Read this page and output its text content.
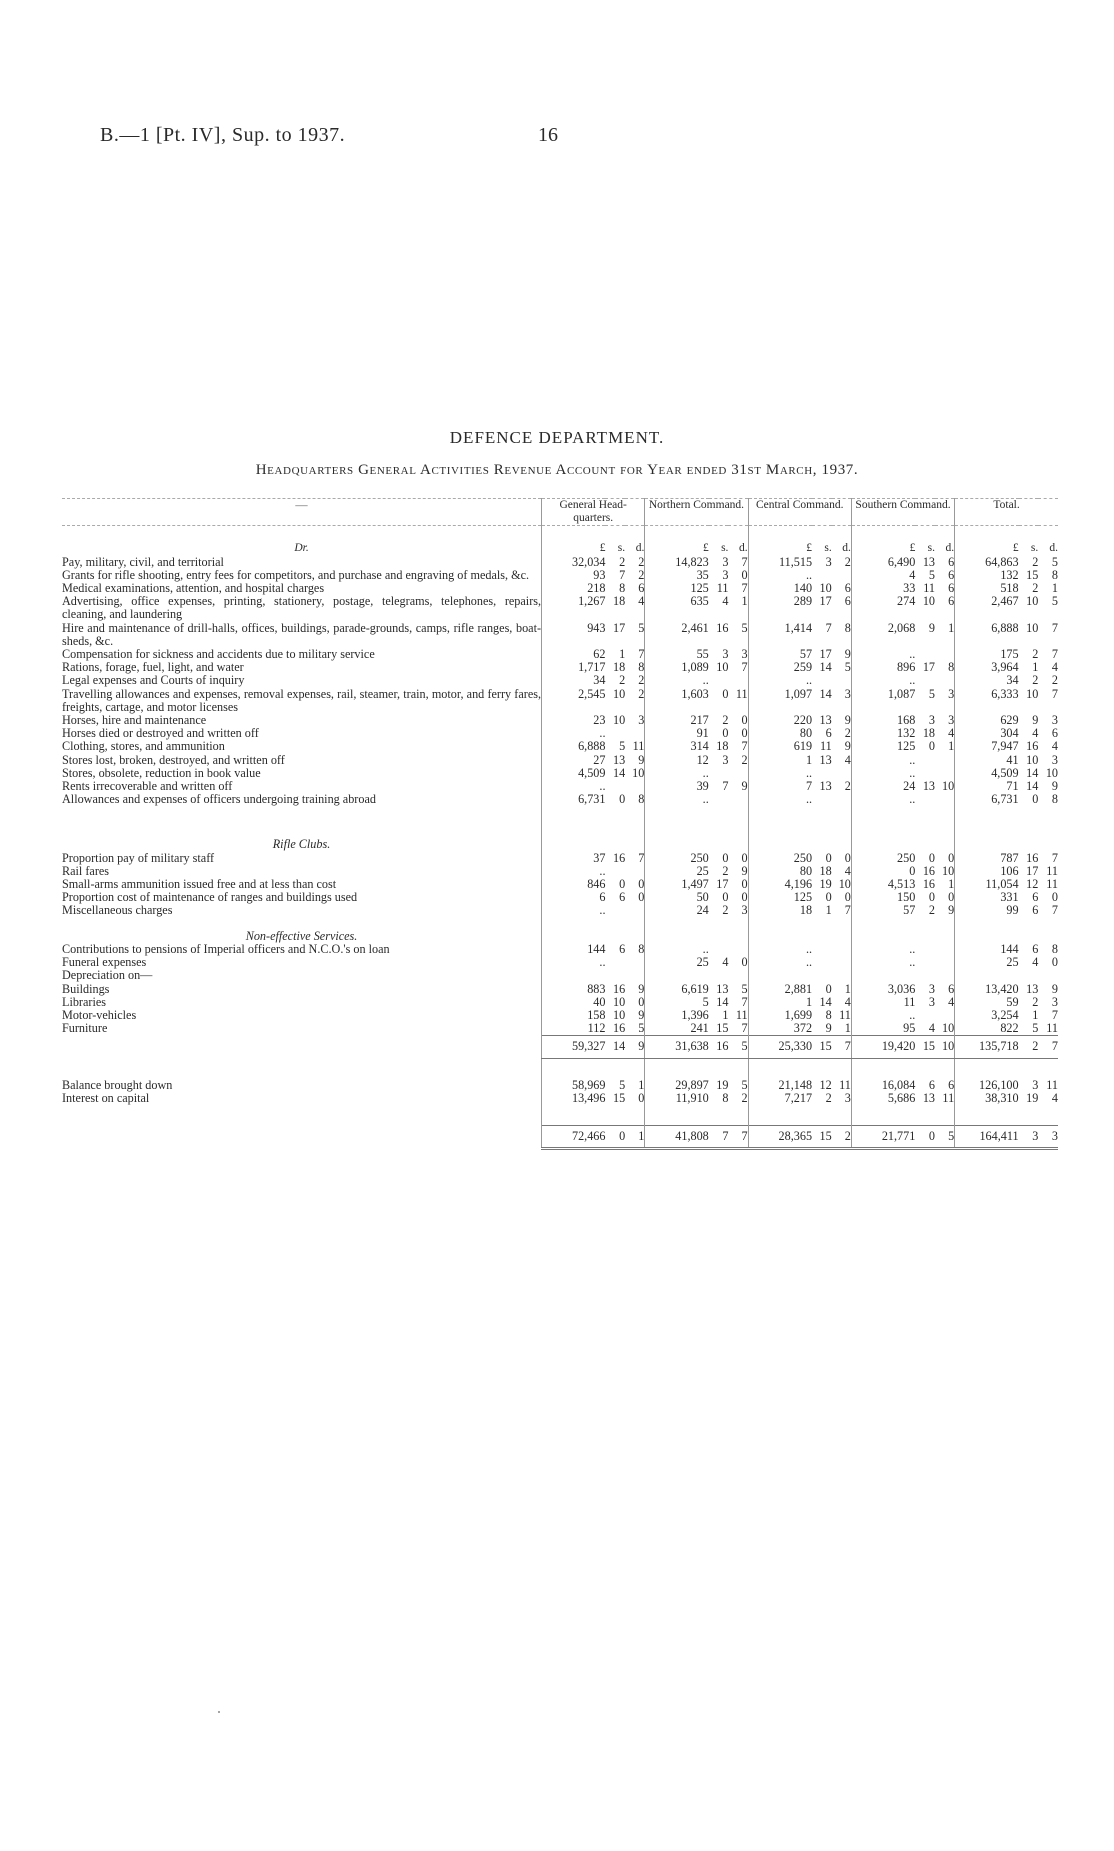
B.—1 [Pt. IV], Sup. to 1937.	16
DEFENCE DEPARTMENT.
Headquarters General Activities Revenue Account for Year ended 31st March, 1937.
—	General Head-quarters.			Northern Command.			Central Command.			Southern Command.			Total.		
Dr.	£	s.	d.	£	s.	d.	£	s.	d.	£	s.	d.	£	s.	d.
Pay, military, civil, and territorial	32,034	2	2	14,823	3	7	11,515	3	2	6,490	13	6	64,863	2	5
Grants for rifle shooting, entry fees for competitors, and purchase and engraving of medals, &c.	93	7	2	35	3	0	..			4	5	6	132	15	8
Medical examinations, attention, and hospital charges	218	8	6	125	11	7	140	10	6	33	11	6	518	2	1
Advertising, office expenses, printing, stationery, postage, telegrams, telephones, repairs, cleaning, and laundering	1,267	18	4	635	4	1	289	17	6	274	10	6	2,467	10	5
Hire and maintenance of drill-halls, offices, buildings, parade-grounds, camps, rifle ranges, boat-sheds, &c.	943	17	5	2,461	16	5	1,414	7	8	2,068	9	1	6,888	10	7
Compensation for sickness and accidents due to military service	62	1	7	55	3	3	57	17	9	..			175	2	7
Rations, forage, fuel, light, and water	1,717	18	8	1,089	10	7	259	14	5	896	17	8	3,964	1	4
Legal expenses and Courts of inquiry	34	2	2	..			..			..			34	2	2
Travelling allowances and expenses, removal expenses, rail, steamer, train, motor, and ferry fares, freights, cartage, and motor licenses	2,545	10	2	1,603	0	11	1,097	14	3	1,087	5	3	6,333	10	7
Horses, hire and maintenance	23	10	3	217	2	0	220	13	9	168	3	3	629	9	3
Horses died or destroyed and written off	..			91	0	0	80	6	2	132	18	4	304	4	6
Clothing, stores, and ammunition	6,888	5	11	314	18	7	619	11	9	125	0	1	7,947	16	4
Stores lost, broken, destroyed, and written off	27	13	9	12	3	2	1	13	4	..			41	10	3
Stores, obsolete, reduction in book value	4,509	14	10	..			..			..			4,509	14	10
Rents irrecoverable and written off	..			39	7	9	7	13	2	24	13	10	71	14	9
Allowances and expenses of officers undergoing training abroad	6,731	0	8	..			..			..			6,731	0	8

Rifle Clubs.															
Proportion pay of military staff	37	16	7	250	0	0	250	0	0	250	0	0	787	16	7
Rail fares	..			25	2	9	80	18	4	0	16	10	106	17	11
Small-arms ammunition issued free and at less than cost	846	0	0	1,497	17	0	4,196	19	10	4,513	16	1	11,054	12	11
Proportion cost of maintenance of ranges and buildings used	6	6	0	50	0	0	125	0	0	150	0	0	331	6	0
Miscellaneous charges	..			24	2	3	18	1	7	57	2	9	99	6	7
Non-effective Services.															
Contributions to pensions of Imperial officers and N.C.O.'s on loan	144	6	8	..			..			..			144	6	8
Funeral expenses	..			25	4	0	..			..			25	4	0
Depreciation on—															
Buildings	883	16	9	6,619	13	5	2,881	0	1	3,036	3	6	13,420	13	9
Libraries	40	10	0	5	14	7	1	14	4	11	3	4	59	2	3
Motor-vehicles	158	10	9	1,396	1	11	1,699	8	11	..			3,254	1	7
Furniture	112	16	5	241	15	7	372	9	1	95	4	10	822	5	11
	59,327	14	9	31,638	16	5	25,330	15	7	19,420	15	10	135,718	2	7

Balance brought down	58,969	5	1	29,897	19	5	21,148	12	11	16,084	6	6	126,100	3	11
Interest on capital	13,496	15	0	11,910	8	2	7,217	2	3	5,686	13	11	38,310	19	4

	72,466	0	1	41,808	7	7	28,365	15	2	21,771	0	5	164,411	3	3
